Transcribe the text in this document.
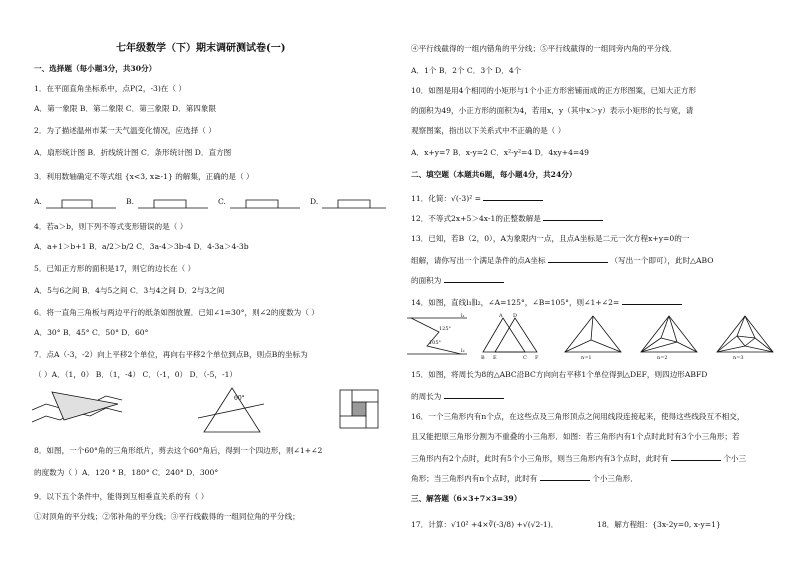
七年级数学（下）期末调研测试卷(一)
一、选择题（每小题3分，共30分）
1．在平面直角坐标系中，点P(2，-3)在（ ）
A．第一象限 B．第二象限 C．第三象限 D．第四象限
2．为了描述温州市某一天气温变化情况，应选择（ ）
A．扇形统计图 B．折线统计图 C．条形统计图 D．直方图
3．利用数轴确定不等式组 {x<3, x≥-1} 的解集，正确的是（ ）
A.	B.	C.	D.
4．若a＞b，则下列不等式变形错误的是（ ）
A．a+1＞b+1 B．a/2＞b/2 C．3a-4＞3b-4 D．4-3a＞4-3b
5．已知正方形的面积是17，则它的边长在（ ）
A．5与6之间 B．4与5之间 C．3与4之间 D．2与3之间
6．将一直角三角板与两边平行的纸条如图放置．已知∠1=30°，则∠2的度数为（ ）
A．30° B．45° C．50° D．60°
7．点A（-3，-2）向上平移2个单位，再向右平移2个单位到点B，则点B的坐标为
（ ）A．（1，0） B．（1，-4） C．（-1，0） D．（-5，-1）
60°
8．如图，一个60°角的三角形纸片，剪去这个60°角后，得到一个四边形，则∠1+∠2
的度数为（ ）A．120 ° B．180° C．240° D．300°
9．以下五个条件中，能得到互相垂直关系的有（ ）
①对顶角的平分线；②邻补角的平分线；③平行线截得的一组同位角的平分线；
④平行线截得的一组内错角的平分线；⑤平行线截得的一组同旁内角的平分线．
A．1个 B．2个 C．3个 D．4个
10．如图是用4个相同的小矩形与1个小正方形密铺而成的正方形图案，已知大正方形
的面积为49，小正方形的面积为4，若用x，y（其中x＞y）表示小矩形的长与宽，请
观察图案，指出以下关系式中不正确的是（ ）
A．x+y=7 B．x-y=2 C．x²-y²=4 D．4xy+4=49
二、填空题（本题共6题，每小题4分，共24分）
11．化简：√(-3)² =
12．不等式2x+5＞4x-1的正整数解是
13．已知，若B（2，0），A为象限内一点，且点A坐标是二元一次方程x+y=0的一
组解，请你写出一个满足条件的点A坐标	（写出一个即可），此时△ABO
的面积为
14．如图，直线l₁∥l₂，∠A=125°，∠B=105°，则∠1+∠2=
125°
105°
l₁
l₂
A D
B E	C F	n=1	n=2	n=3
15．如图，将周长为8的△ABC沿BC方向向右平移1个单位得到△DEF，则四边形ABFD
的周长为
16．一个三角形内有n个点，在这些点及三角形顶点之间用线段连接起来，使得这些线段互不相交，
且又能把原三角形分割为不重叠的小三角形．如图：若三角形内有1个点时此时有3个小三角形；若
三角形内有2个点时，此时有5个小三角形，则当三角形内有3个点时，此时有	个小三
角形；当三角形内有n个点时，此时有	个小三角形．
三、解答题（6×3+7×3=39）
17．计算：√10² +4×∛(-3/8) +√(√2-1)．	18．解方程组：{3x-2y=0, x-y=1}
